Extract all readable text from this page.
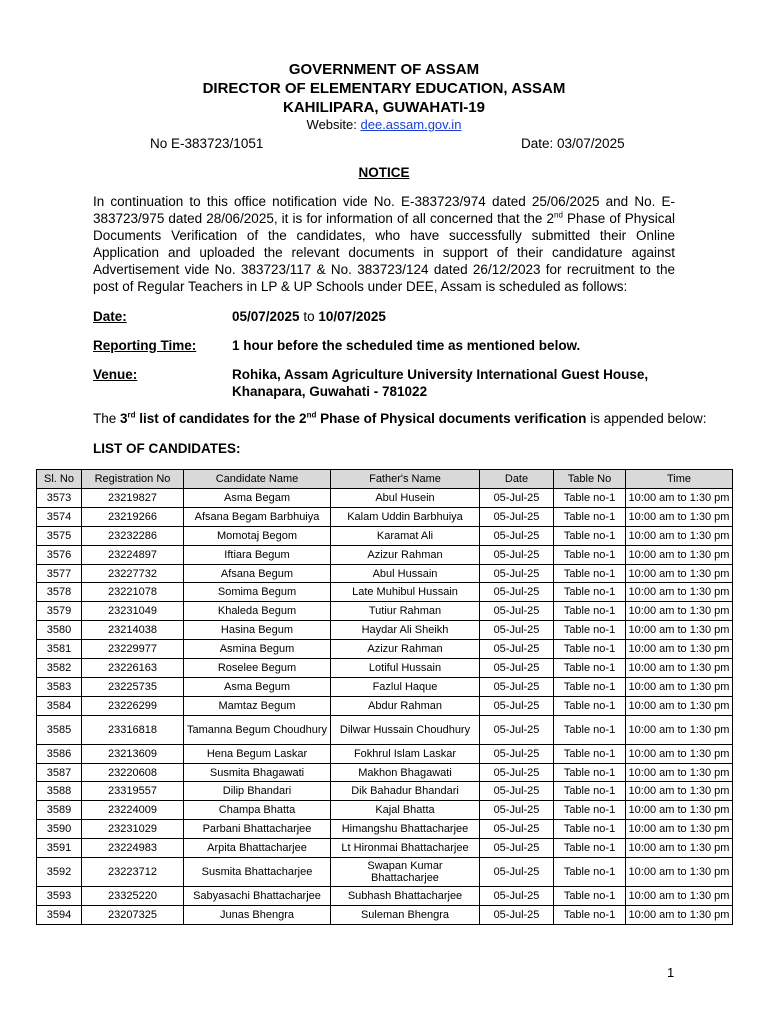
GOVERNMENT OF ASSAM
DIRECTOR OF ELEMENTARY EDUCATION, ASSAM
KAHILIPARA, GUWAHATI-19
Website: dee.assam.gov.in
No E-383723/1051	Date: 03/07/2025
NOTICE
In continuation to this office notification vide No. E-383723/974 dated 25/06/2025 and No. E-383723/975 dated 28/06/2025, it is for information of all concerned that the 2nd Phase of Physical Documents Verification of the candidates, who have successfully submitted their Online Application and uploaded the relevant documents in support of their candidature against Advertisement vide No. 383723/117 & No. 383723/124 dated 26/12/2023 for recruitment to the post of Regular Teachers in LP & UP Schools under DEE, Assam is scheduled as follows:
Date:	05/07/2025 to 10/07/2025
Reporting Time:	1 hour before the scheduled time as mentioned below.
Venue:	Rohika, Assam Agriculture University International Guest House, Khanapara, Guwahati - 781022
The 3rd list of candidates for the 2nd Phase of Physical documents verification is appended below:
LIST OF CANDIDATES:
Sl. No	Registration No	Candidate Name	Father's Name	Date	Table No	Time
3573	23219827	Asma Begam	Abul Husein	05-Jul-25	Table no-1	10:00 am to 1:30 pm
3574	23219266	Afsana Begam Barbhuiya	Kalam Uddin Barbhuiya	05-Jul-25	Table no-1	10:00 am to 1:30 pm
3575	23232286	Momotaj Begom	Karamat Ali	05-Jul-25	Table no-1	10:00 am to 1:30 pm
3576	23224897	Iftiara Begum	Azizur Rahman	05-Jul-25	Table no-1	10:00 am to 1:30 pm
3577	23227732	Afsana Begum	Abul Hussain	05-Jul-25	Table no-1	10:00 am to 1:30 pm
3578	23221078	Somima Begum	Late Muhibul Hussain	05-Jul-25	Table no-1	10:00 am to 1:30 pm
3579	23231049	Khaleda Begum	Tutiur Rahman	05-Jul-25	Table no-1	10:00 am to 1:30 pm
3580	23214038	Hasina Begum	Haydar Ali Sheikh	05-Jul-25	Table no-1	10:00 am to 1:30 pm
3581	23229977	Asmina Begum	Azizur Rahman	05-Jul-25	Table no-1	10:00 am to 1:30 pm
3582	23226163	Roselee Begum	Lotiful Hussain	05-Jul-25	Table no-1	10:00 am to 1:30 pm
3583	23225735	Asma Begum	Fazlul Haque	05-Jul-25	Table no-1	10:00 am to 1:30 pm
3584	23226299	Mamtaz Begum	Abdur Rahman	05-Jul-25	Table no-1	10:00 am to 1:30 pm
3585	23316818	Tamanna Begum Choudhury	Dilwar Hussain Choudhury	05-Jul-25	Table no-1	10:00 am to 1:30 pm
3586	23213609	Hena Begum Laskar	Fokhrul Islam Laskar	05-Jul-25	Table no-1	10:00 am to 1:30 pm
3587	23220608	Susmita Bhagawati	Makhon Bhagawati	05-Jul-25	Table no-1	10:00 am to 1:30 pm
3588	23319557	Dilip Bhandari	Dik Bahadur Bhandari	05-Jul-25	Table no-1	10:00 am to 1:30 pm
3589	23224009	Champa Bhatta	Kajal Bhatta	05-Jul-25	Table no-1	10:00 am to 1:30 pm
3590	23231029	Parbani Bhattacharjee	Himangshu Bhattacharjee	05-Jul-25	Table no-1	10:00 am to 1:30 pm
3591	23224983	Arpita Bhattacharjee	Lt Hironmai Bhattacharjee	05-Jul-25	Table no-1	10:00 am to 1:30 pm
3592	23223712	Susmita Bhattacharjee	Swapan Kumar Bhattacharjee	05-Jul-25	Table no-1	10:00 am to 1:30 pm
3593	23325220	Sabyasachi Bhattacharjee	Subhash Bhattacharjee	05-Jul-25	Table no-1	10:00 am to 1:30 pm
3594	23207325	Junas Bhengra	Suleman Bhengra	05-Jul-25	Table no-1	10:00 am to 1:30 pm
1
